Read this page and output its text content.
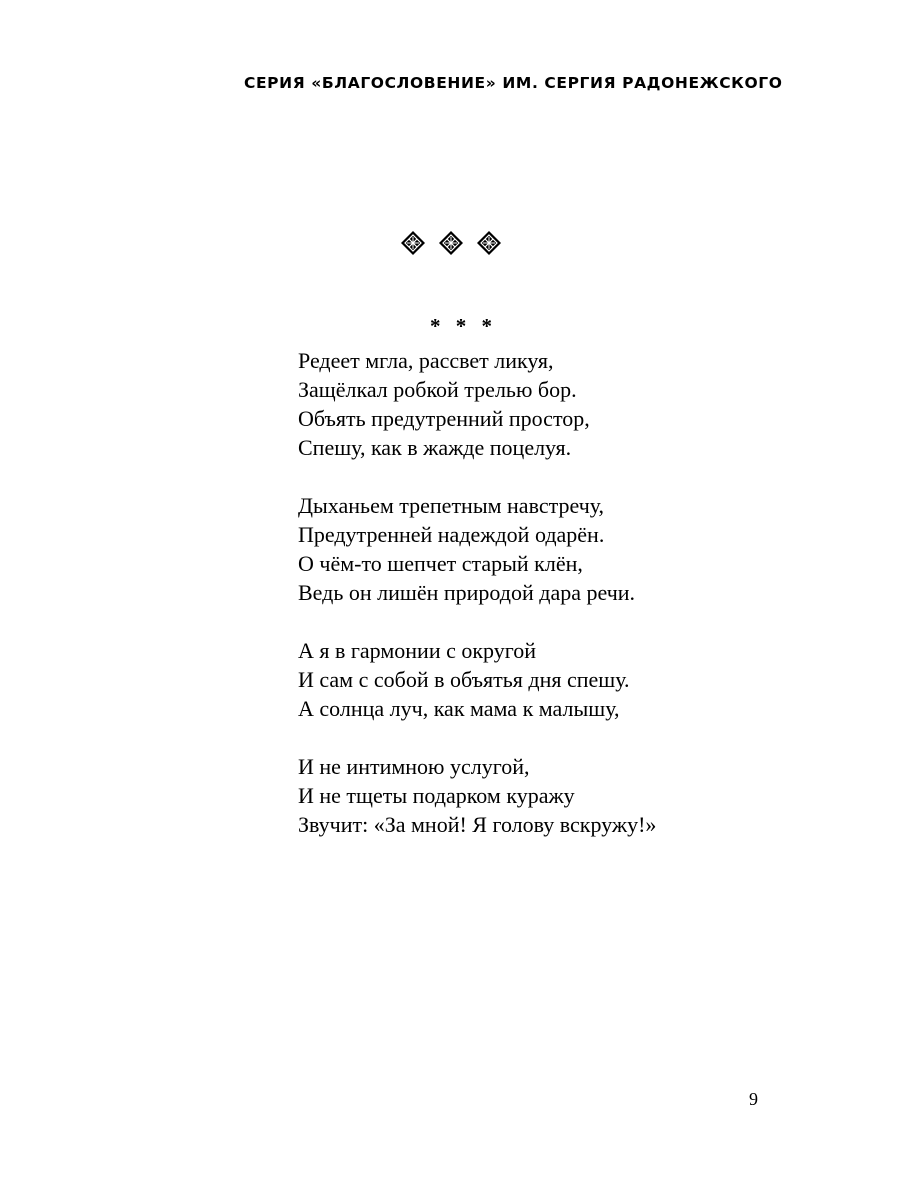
СЕРИЯ «БЛАГОСЛОВЕНИЕ» ИМ. СЕРГИЯ РАДОНЕЖСКОГО
* * *
Редеет мгла, рассвет ликуя,
Защёлкал робкой трелью бор.
Объять предутренний простор,
Спешу, как в жажде поцелуя.
Дыханьем трепетным навстречу,
Предутренней надеждой одарён.
О чём-то шепчет старый клён,
Ведь он лишён природой дара речи.
А я в гармонии с округой
И сам с собой в объятья дня спешу.
А солнца луч, как мама к малышу,
И не интимною услугой,
И не тщеты подарком куражу
Звучит: «За мной! Я голову вскружу!»
9
